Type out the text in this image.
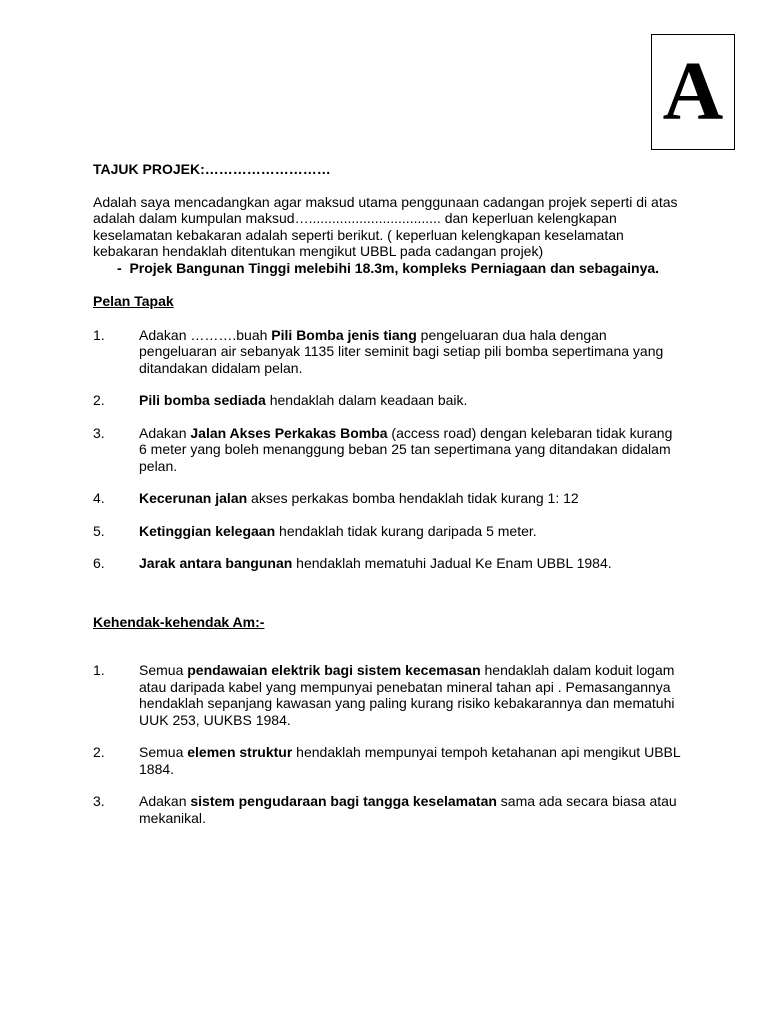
A

TAJUK PROJEK:………………………

Adalah saya mencadangkan agar maksud utama penggunaan cadangan projek seperti di atas adalah dalam kumpulan maksud….................................. dan keperluan kelengkapan keselamatan kebakaran adalah seperti berikut. ( keperluan kelengkapan keselamatan kebakaran hendaklah ditentukan mengikut UBBL pada cadangan projek)

- Projek Bangunan Tinggi melebihi 18.3m, kompleks Perniagaan dan sebagainya.

Pelan Tapak

1. Adakan ……….buah Pili Bomba jenis tiang pengeluaran dua hala dengan pengeluaran air sebanyak 1135 liter seminit bagi setiap pili bomba sepertimana yang ditandakan didalam pelan.
2. Pili bomba sediada hendaklah dalam keadaan baik.
3. Adakan Jalan Akses Perkakas Bomba (access road) dengan kelebaran tidak kurang 6 meter yang boleh menanggung beban 25 tan sepertimana yang ditandakan didalam pelan.
4. Kecerunan jalan akses perkakas bomba hendaklah tidak kurang 1: 12
5. Ketinggian kelegaan hendaklah tidak kurang daripada 5 meter.
6. Jarak antara bangunan hendaklah mematuhi Jadual Ke Enam UBBL 1984.

Kehendak-kehendak Am:-

1. Semua pendawaian elektrik bagi sistem kecemasan hendaklah dalam koduit logam atau daripada kabel yang mempunyai penebatan mineral tahan api . Pemasangannya hendaklah sepanjang kawasan yang paling kurang risiko kebakarannya dan mematuhi UUK 253, UUKBS 1984.
2. Semua elemen struktur hendaklah mempunyai tempoh ketahanan api mengikut UBBL 1884.
3. Adakan sistem pengudaraan bagi tangga keselamatan sama ada secara biasa atau mekanikal.
